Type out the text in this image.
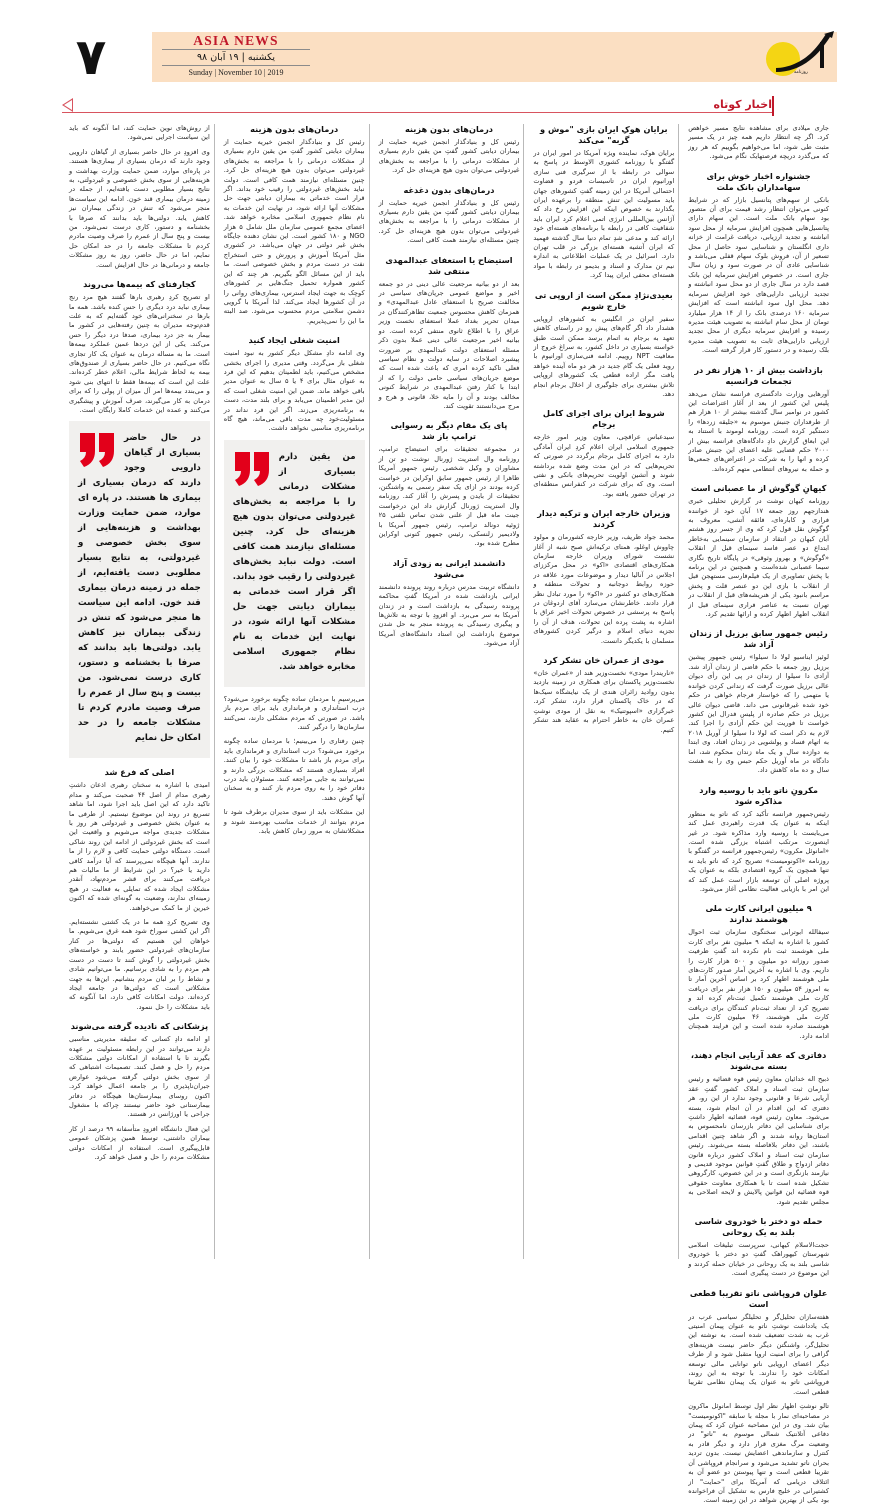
۷	ASIA NEWS
یکشنبه | ۱۹ آبان ۹۸
Sunday | November 10 | 2019	روزنامه
اخبار کوتاه

از روش‌های نوین حمایت کند، اما آنگونه که باید این سیاست اجرایی نمی‌شود.

وی افزودِ در حال حاضر بسیاری از گیاهان دارویی وجود دارند که درمان بسیاری از بیماری‌ها هستند. در پاره‌ای موارد، ضمن حمایت وزارت بهداشت و هزینه‌هایی از سوی بخش خصوصی و غیردولتی، به نتایج بسیار مطلوبی دست یافته‌ایم، از جمله در زمینه درمان بیماری قند خون. ادامه این سیاست‌ها منجر می‌شود که تنش در زندگی بیماران نیز کاهش یابد. دولتی‌ها باید بدانند که صرفا با بخشنامه و دستور، کاری درست نمی‌شود. من بیست و پنج سال از عمرم را صرف وصیت مادرم کردم تا مشکلات جامعه را در حد امکان حل نمایم، اما در حال حاضر، روز به روز مشکلات جامعه و درمانی‌ها در حال افزایش است.

کجارفتای که بیمه‌ها می‌روند

او تصریح کردِ رهبری بارها گفتند هیچ مرد رنج بیماری نباید درد دیگری را حس کنده باشد. همه ما بارها در سخنرانی‌های خود گفته‌ایم که به علت قدم‌توجه مدیران به چنین رفته‌هایی در کشور ما بیمار به جز درد بیماری، صدفا درد دیگر را حس می‌کند. یکی از این دردها عمین عملکرد بیمه‌ها است. ما به مساله درمان به عنوان یک کار تجاری نگاه می‌کنیم. در حال حاضر بسیاری از صندوق‌های بیمه به لحاظ شرایط مالی، اعلام خطر کرده‌اند. علت این است که بیمه‌ها فقط تا انتهای بنی شود و می‌بندد بیمه‌ها امر آل میزان از پولی را که برای درمان به کار می‌گیرند، صرف آموزش و پیشگیری می‌کنند و عمده این خدمات کاملا رایگان است.

در حال حاضر بسیاری از گیاهان دارویی وجود دارند که درمان بسیاری از بیماری ها هستند. در پاره ای موارد، ضمن حمایت وزارت بهداشت و هزینه‌هایی از سوی بخش خصوصی و غیردولتی، به نتایج بسیار مطلوبی دست یافته‌ایم، از جمله در زمینه درمان بیماری قند خون. ادامه این سیاست ها منجر می‌شود که تنش در زندگی بیماران نیز کاهش یابد. دولتی‌ها باید بدانند که صرفا با بخشنامه و دستور، کاری درست نمی‌شود. من بیست و پنج سال از عمرم را صرف وصیت مادرم کردم تا مشکلات جامعه را در حد امکان حل نمایم
اصلی که فرع شد

امیدی با اشاره به سخنان رهبری اذعان داشتِ رهبری مدام از اصل ۴۴ صحبت می‌کند و مدام تاکید دارد که این اصل باید اجرا شود، اما شاهد تسریع در روند این موضوع نیستیم. از طرفی ما به عنوان بخش خصوصی و غیردولتی هر روز با مشکلات جدیدی مواجه می‌شویم و واقعیت این است که بخش غیردولتی از ادامه این روند شاکی است. دستگاه دولتی حمایت کافی و لازم را از ما ندارند. آنها هیچگاه نمی‌پرسند که آیا درآمد کافی دارید یا خیر؟ در این شرایط از ما مالیات هم دریافت می‌کنند برای قشر مردم‌نهاد، آنقدر مشکلات ایجاد شده که تمایلی به فعالیت در هیچ زمینه‌ای ندارند، وضعیت به گونه‌ای شده که اکنون خیرین از ما کمک می‌خواهند.

وی تصریح کردِ همه ما در یک کشتی نشسته‌ایم. اگر این کشتی سوراخ شود همه غرق می‌شویم. ما خواهان این هستیم که دولتی‌ها در کنار سازمان‌های غیردولتی حضور یابند و خواسته‌های بخش غیردولتی را گوش کنند تا دست در دست هم مردم را به شادی برسانیم. ما می‌توانیم شادی و نشاط را بر لبان مردم بنشانیم. این‌ها به جهت مشکلاتی است که دولتی‌ها در جامعه ایجاد کرده‌اند. دولت امکانات کافی دارد، اما آنگونه که باید مشکلات را حل ننمود.

پزشکانی که نادیده گرفته می‌شوند

او ادامه دادِ کسانی که سلیقه مدیریتی مناسبی دارند می‌توانند در این رابطه مسئولیت بر عهده بگیرند تا با استفاده از امکانات دولتی مشکلات مردم را حل و فصل کنند. تصمیمات اشتباهی که از سوی بخش دولتی گرفته می‌شود عوارض جبران‌ناپذیری را بر جامعه اعمال خواهد کرد. اکنون روسای بیمارستان‌ها هیچگاه در دفاتر بیمارستانی خود حاضر نیستند چراکه با مشغول جراحی یا اورژانس در هستند.

این فعال دانشگاه افزودِ متأسفانه ۹۹ درصد از کار بیماران داشتنی، توسط همین پزشکان عمومی قابل‌پیگیری است. استفاده از امکانات دولتی مشکلات مردم را حل و فصل خواهد کرد.

درمان‌های بدون هزینه

رئیس کل و بنیادگذار انجمن خیریه حمایت از بیماران دیابتی کشور گفتِ من یقین دارم بسیاری از مشکلات درمانی را با مراجعه به بخش‌های غیردولتی می‌توان بدون هیچ هزینه‌ای حل کرد. چنین مسئله‌ای نیازمند همت کافی است. دولت نباید بخش‌های غیردولتی را رقیب خود بداند. اگر قرار است خدماتی به بیماران دیابتی جهت حل مشکلات آنها ارائه شود، در نهایت این خدمات به نام نظام جمهوری اسلامی مخابره خواهد شد. اعضای مجمع عمومی سازمان ملل شامل ۵ هزار NGO و ۱۸۰ کشور است. این نشان دهنده جایگاه بخش غیر دولتی در جهان می‌باشد. در کشوری مثل آمریکا آموزش و پرورش و حتی استخراج نفت در دست مردم و بخش خصوصی است. ما باید از این مسائل الگو بگیریم. هر چند که این کشور همواره تحمیل جنگ‌هایی بر کشورهای کوچک به جهت ایجاد استرس، بیماری‌های روانی را در آن کشورها ایجاد می‌کند. لذا آمریکا با گرویی دشمن سلامتی مردم محسوب می‌شود. صد البته ما این را نمی‌پذیریم.

امنیت شغلی ایجاد کنید

وی ادامه دادِ مشکل دیگر کشور به نبود امنیت شغلی باز می‌گردد. وقتی مدیری را اجرای بخشی مشخص می‌کنیم، باید لطمینان بدهیم که این فرد به عنوان مثال برای ۴ یا ۵ سال به عنوان مدیر باقی خواهد ماند. ضمن این امنیت شغلی است که این مدیر اطمینان می‌یابد و برای بلند مدت، دست به برنامه‌ریزی می‌زند. اگر این فرد نداند در مسئولیت‌خود چه مدت باقی می‌ماند، هیچ گاه برنامه‌ریزی مناسبی نخواهد داشت.

من یقین دارم بسیاری از مشکلات درمانی را با مراجعه به بخش‌های غیردولتی می‌توان بدون هیچ هزینه‌ای حل کرد. چنین مسئله‌ای نیازمند همت کافی است. دولت نباید بخش‌های غیردولتی را رقیب خود بداند. اگر قرار است خدماتی به بیماران دیابتی جهت حل مشکلات آنها ارائه شود، در نهایت این خدمات به نام نظام جمهوری اسلامی مخابره خواهد شد.

می‌پرسیمِ با مردمان ساده چگونه برخورد می‌شود؟ درب استانداری و فرمانداری باید برای مردم باز باشد. در صورتی که مردم مشکلی دارند، نمی‌کنند سازمان‌ها را درگیر کنند.

چنین رفتاری را می‌بینیم؛ با مردمان ساده چگونه برخورد می‌شود؟ درب استانداری و فرمانداری باید برای مردم باز باشد تا مشکلات خود را بیان کنند. افراد بسیاری هستند که مشکلات بزرگی دارند و نمی‌توانند به جایی مراجعه کنند. مسئولان باید درب دفاتر خود را به روی مردم باز کنند و به سخنان آنها گوش دهند.

این مشکلات باید از سوی مدیران برطرف شود تا مردم بتوانند از خدمات مناسب بهره‌مند شوند و مشکلاتشان به مرور زمان کاهش یابد.

درمان‌های بدون هزینه

رئیس کل و بنیادگذار انجمن خیریه حمایت از بیماران دیابتی کشور گفتِ من یقین دارم بسیاری از مشکلات درمانی را با مراجعه به بخش‌های غیردولتی می‌توان بدون هیچ هزینه‌ای حل کرد.

درمان‌های بدون دغدغه

رئیس کل و بنیادگذار انجمن خیریه حمایت از بیماران دیابتی کشور گفتِ من یقین دارم بسیاری از مشکلات درمانی را با مراجعه به بخش‌های غیردولتی می‌توان بدون هیچ هزینه‌ای حل کرد. چنین مسئله‌ای نیازمند همت کافی است.

استیضاح یا استعفای عبدالمهدی منتفی شد

بعد از دو بیانیه مرجعیت عالی دینی در دو جمعه اخیر و مواضع عمومی جریان‌های سیاسی در مخالفت صریح با استعفای عادل عبدالمهدی» و همزمان کاهش محسوس جمعیت تظاهرکنندگان در میدان تحریر بغداد عملا استعفای نخست وزیر عراق را با اطلاع ثانوی منتفی کرده است. دو بیانیه اخیر مرجعیت عالی دینی عملا بدون ذکر مسئله استعفای دولت عبدالمهدی بر ضرورت پیشبرد اصلاحات در سایه دولت و نظام سیاسی فعلی تاکید کرده امری که باعث شده است که موضع جریان‌های سیاسی حامی دولت را که از ابتدا با کنار رفتن عبدالمهدی در شرایط کنونی مخالف بودند و آن را مایه خلا، قانونی و هرج و مرج می‌دانستند تقویت کند.

پای یک مقام دیگر به رسوایی ترامپ باز شد

در مجموعه تحقیقات برای استیضاح ترامپ، روزنامه وال استریت ژورنال نوشت دو تن از مشاوران و وکیل شخصی رئیس جمهور آمریکا ظاهرا از رئیس جمهور سابق اوکراین در خواست کرده بودند در ازای یک سفر رسمی به واشنگتن، تحقیقات از بایدن و پسرش را آغاز کند. روزنامه وال استریت ژورنال گزارش داد این درخواست جينت ماه قبل از علنی شدن تماس تلفنی ۲۵ ژوئیه دونالد ترامپ، رئیس جمهور آمریکا با ولادیمیر زلنسکی، رئیس جمهور کنونی اوکراین مطرح شده بود.

دانشمند ایرانی به زودی آزاد می‌شود

دانشگاه تربیت مدرس درباره روند پرونده دانشمند ایرانی بازداشت شده در آمریکا گفتِ محاکمه پرونده رسیدگی به بازداشت است و در زندان آمریکا به سر می‌برد. او افزودِ با توجه به تلاش‌ها و پیگیری رسیدگی به پرونده منجر به حل شدن موضوع بازداشت این استاد دانشگاه‌های آمریکا آزاد می‌شود.

برایان هوکِ ایران بازی "موش و گربه" می‌کند

برایان هوک، نماینده ویژه آمریکا در امور ایران در گفتگو با روزنامه کشوری الاوسط در پاسخ به سوالی در رابطه با از سرگیری فنی سازی اورانیوم ایران در تاسیسات فردو و قضاوت احتمالی آمریکا در این زمینه گفتِ کشورهای جهان باید مسولیت این تنش منطقه را برعهده ایران بگذارند به خصوص اینکه این افزایش رخ داد که آژانس بین‌المللی انرژی اتمی اعلام کرد ایران باید شفافیت کافی در رابطه با برنامه‌های هسته‌ای خود ارائه کند و مدعی شدِ تمام دنیا سال گذشته فهمید که ایران آتشیه هسته‌ای بزرگی در قلب تهران دارد. اسرائیل در یک عملیات اطلاعاتی به اندازه نیم تن مدارک و اسناد و بدیمو در رابطه با مواد هسته‌ای محفی ایران پیدا کرد.

بعیدی‌نژادِ ممکن است از اروپی تی خارج شویم

سفیر ایران در انگلیس به کشورهای اروپایی هشدار داد اگر گام‌های پیش رو در راستای کاهش تعهد به برجام به اتمام برسد ممکن است طبق خواسته بسیاری در داخل کشور، به سراغ خروج از معافیت NPT روییم. ادامه فنی‌سازی اورانیوم با روید فعلی یک گام جدید در هر دو ماه آینده خواهد یافت مگر اراده قطعی یک کشورهای اروپایی تلاش بیشتری برای جلوگیری از اخلال برجام انجام دهد.

شروط ایران برای اجرای کامل برجام

سیدعباس عراقچی، معاون وزیر امور خارجه جمهوری اسلامی ایران اعلام کردِ ایران آمادگی دارد به اجرای کامل برجام برگردد در صورتی که تحریم‌هایی که در این مدت وضع شده برداشته شوند و آتشین اولویت تحریم‌های بانکی و نفتی است. وی که برای شرکت در کنفرانس منطقه‌ای در تهران حضور یافته بود.

وزیران خارجه ایران و ترکیه دیدار کردند

محمد جواد ظریف، وزیر خارجه کشورمان و مولود چاووش اوغلو، همتای ترکیه‌اش صبح شبه از آغاز نشست شورای وزیران خارجه سازمان همکاری‌های اقتصادی «اکو» در محل مرکززای اجلاس در آنالیا دیدار و موضوعات مورد علاقه در حوزه روابط دوجانبه و تحولات منطقه و همکاری‌های دو کشور در «اکو» را مورد تبادل نظر قرار دادند. خاطرنشان می‌سازد آقای اردوغان در پاسخ به پرسشی در خصوص تحولات اخیر عراق با اشاره به پشت پرده این تحولات، هدف از آن را تجزیه دنیای اسلام و درگیر کردن کشورهای مسلمان با یکدیگر دانست.

مودی از عمران خان تشکر کرد

«ناریندرا مودی» نخست‌وزیر هند از «عمران خان» نخست‌وزیر پاکستان برای همکاری در زمینه بازدید بدون روادید زائران هندی از یک نیایشگاه سیک‌ها که در خاک پاکستان قرار دارد، تشکر کرد. خبرگزاری «اسپوتنیک» به نقل از مودی نوشتِ عمران خان به خاطر احترام به عقاید هند تشکر کنیم.

جاری میلادی برای مشاهده نتایج مسیر خواهص کرد. اگر چه انتظار داریم همه چیز در یک مسیر مثبت طی شود، اما می‌خواهیم بگوییم که هر روز که می‌گذرد دریچه فرصتهایک نگام می‌شود.

جشنواره اخبار خوش برای سهامداران بانک ملت

بانکی از سهم‌های پتانسیل بازار که در شرایط کنونی می‌توان انتظار رشد قیمت برای آن متصور بود سهام بانک ملت است. این سهام دارای پتانسیل‌هایی همچون افزایش سرمایه از محل سود انباشته و تجدید ارزیابی، دریافت غرامت از خزانه داری انگلستان و شناسایی سود حاصل از محل تسعیر از آن، فروش بلوک سهام قفلی می‌باشد و شناسایی عادی آن در صورت سود و زیان سال جاری است. در خصوص افزایش سرمایه این بانک قصد دارد در سال جاری از دو محل سود انباشته و تجدید ارزیابی دارایی‌های خود افزایش سرمایه دهد. محل اول سود انباشته است که افزایش سرمایه ۱۶۰ درصدی بانک را از ۱۴ هزار میلیارد تومان از محل سام انباشته به تصویب هیئت مدیره رسیده و افزایش سرمایه دیگری از محل تجدید ارزیابی دارایی‌های ثابت به تصویب هیئت مدیره بلک رسیده و در دستور کار قرار گرفته است.

بازداشت بیش از ۱۰ هزار نفر در تجمعات فرانسیه

آورهایی وزارت دادگستری فرانسه نشان می‌دهد پلیس این کشور از بعد از آغاز اعتراضات این کشور در نوامبر سال گذشته بیشتر از ۱۰ هزار هم از طرفداران جنبش موسوم به «جلیقه زردها» را دستگیر کرده است. روزنامه لوموند با استناد به این ابعاق گزارش دادِ دادگاه‌های فرانسه بیش از ۲۰۰۰ حکم قضایی علیه اعضای این جنبش صادر کرده و انها را به شرکت در اعتراض‌های جمعی‌ها و حمله به نیروهای انتظامی متهم کرده‌اند.

کیهانِ گوگوش از ما عصبانی است

روزنامه کیهان نوشت در گزارش تحلیلی خبری هندازجهم روز جمعه ۱۷ آبان خود از خواننده فراری و کاباره‌ای، فائقه آتشی، معروف به گوگوش نقل قول کرد که وی از جسر روز هشتم آبان کیهان در انتقاد از سازمان سینمایی به‌خاطر ابتداع دو عصر فاسد سینمای قبل از انقلاب «گوگوش» و بهروز وثوقی» در پایگاه تاریخ نگاری سیما عصبانی شده‌است و همچنین در این برنامه با پخش تصاویری از یک فیلم‌فارسی مستهجن قبل از انقلاب با بازی این دو عنصر قلت و پخش مراسم بانبود یکی از هنریشه‌های قبل از انقلاب در تهران نسبت به عناصر فراری سینمای قبل از انقلاب اظهار اظهار کرده و ارائها تقدیم کرد.

رئیس جمهور سابق برزیل از زندان آزاد شد

لوئیز ایناسیو لولا دا سیلوا» رئیس جمهور پیشین برزیل روز جمعه با حکم قاضی از زندان آزاد شد. آزادی دا سیلوا از زندان در پی این رأی دیوان عالی برزیل صورت گرفت که زندانی کردن خوانده یا متهمی را که خواستار فرجام خواهی در حکم خود شده غیرقانونی می داند. قاضی دیوان عالی برزیل در حکم صادره از پلیس فدرال این کشور خواست تا فوریت این حکم آزادی را اجرا کند. لازم به ذکر است که لولا دا سیلوا از آوریل ۲۰۱۸ به اتهام فساد و پولشویی در زندان افتاد. وی ابتدا به دوازده سال و یک ماه زندان محکوم شد، اما دادگاه در ماه آوریل حکم حبس وی را به هشت سال و ده ماه کاهش داد.

مکرونِ ناتو باید با روسیه وارد مذاکره شود

رئیس‌جمهور فرانسه تأکید کرد که ناتو به منظور اینکه به عنوان یک قدرت راهبردی عمل کند می‌بایست با روسیه وارد مذاکره شود. در غیر اینصورت مرتکب اشتباه بزرگی شده است. «امانوئل مکرون» رئیس‌جمهور فرانسه در گفتگو با روزنامه «اکونومیست» تصریح کرد که ناتو باید نه تنها همچون یک گروه اقتصادی بلکه به عنوان یک پروژه اصلی آن توسعه بازار است عمل کند که این امر با بازیابی فعالیت نظامی آغاز می‌شود.

۹ میلیون ایرانی کارت ملی هوشمند ندارند

سیفالله ابوترابی سخنگوی سازمان ثبت احوال کشور با اشاره به اینکه ۹ میلیون نفر برای کارت ملی هوشمند ثبت نام نکرده اند گفتِ ظرفیت صدور روزانه دو میلیون و ۵۰۰ هزار کارت را داریم. وی با اشاره به آخرین آمار صدور کارت‌های ملی هوشمند اظهار کرد بر اساس آخرین آمار تا به امروز ۵۴ میلیون و ۱۵۰ هزار نفر برای دریافت کارت ملی هوشمند تکمیل ثبت‌نام کرده اند و تصریح کرد از تعداد ثبت‌نام کنندگان برای دریافت کارت ملی هوشمند، ۴۶ میلیون کارت ملی هوشمند صادره شده است و این فرایند همچنان ادامه دارد.

دفاتری که عقد آریایی انجام دهند، بسته می‌شوند

ذبیح اله خدائیان معاون رئیس قوه قضائیه و رئیس سازمان ثبت اسناد و املاک کشور گفتِ عقد آریایی شرعا و قانونی وجود ندارد از این رو، هر دفتری که این اقدام در آن انجام شود، بسته می‌شود. معاون رئیس قوه، قضائیه اظهار داشتِ برای شناسایی این دفاتر بازرسان نامحسوس به استان‌ها روانه شدند و اگر شاهد چنین اقدامی باشند، این دفاتر بلافاصله بسته می‌شوند. رئیس سازمان ثبت اسناد و املاک کشور درباره قانون دفاتر ازدواج و طلاق گفتِ قوانین موجود قدیمی و نیازمند بازنگری است و در این خصوص، کارگروهی تشکیل شده است تا با همکاری معاونت حقوقی قوه قضائیه این قوانین پالایش و لایحه اصلاحی به مجلس تقدیم شود.

حمله دو دختر با خودروی شاسی بلند به یک روحانی

حجت‌الاسلام کیهانی، سرپرست تبلیغات اسلامی شهرستان کیهوراهک گفتِ دو دختر با خودروی شاسی بلند به یک روحانی در خیابان حمله کردند و این موضوع در دست پیگیری است.

علوان فروپاشی ناتو تقریبا قطعی است

هفته‌سازان تحلیل‌گر و تحلیلگر سیاسی عرب در یک یادداشت نوشتِ ناتو به عنوان پیمان امنیتی غرب به شدت تضعیف شده است. به نوشته این تحلیل‌گر، واشنگتن دیگر حاضر نیست هزینه‌های گزافی را برای امنیت اروپا متقبل شود و از طرف دیگر اعضای اروپایی ناتو توانایی مالی توسعه امکانات خود را ندارند. با توجه به این روند، فروپاشی ناتو به عنوان یک پیمان نظامی تقریبا قطعی است.

تالو نوشتِ اظهار نظر اول توسط امانوئل ماکرون در مصاحبه‌ای نمار با مجله با سابقه "اکونومیست" بیان شد. وی در این مصاحبه عنوان کرد که پیمان دفاعی آتلانتیک شمالی موسوم به "ناتو" در وضعیت مرگ مغزی قرار دارد و دیگر قادر به کنترل و سازماندهی اعضایش نیست. بدون تردید بحران ناتو تشدید می‌شود و سرانجام فروپاشی آن تقریبا قطعی است و تنها پیوستن دو عضو آن به ائتلاف دریامی که آمریکا برای "حمایت" از کشتیرانی در خلیج فارس به تشکیل آن فراخوانده بود یکی از بهترین شواهد در این زمینه است.
